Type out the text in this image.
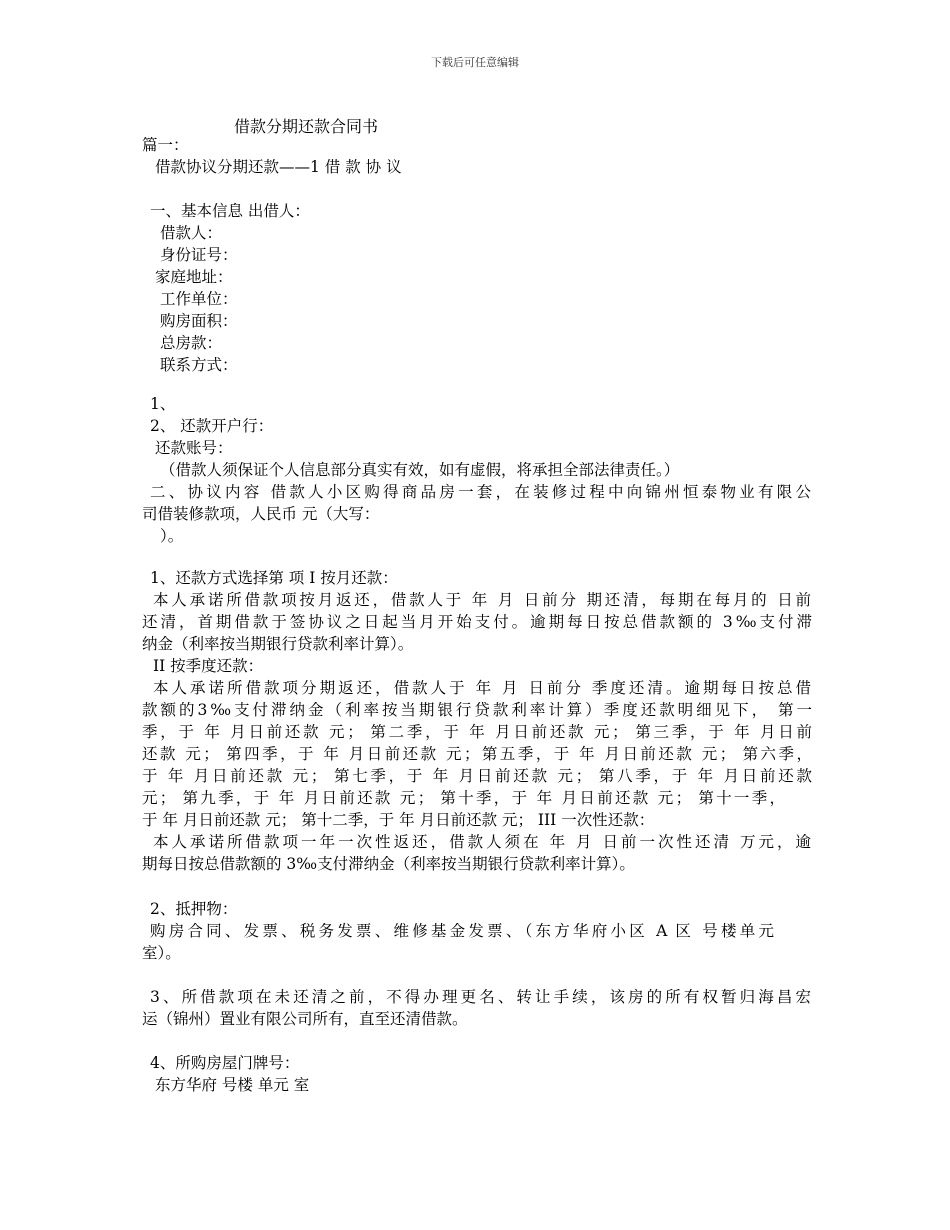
下载后可任意编辑
借款分期还款合同书
篇一：
借款协议分期还款——1 借 款 协 议
一、基本信息 出借人：
借款人：
身份证号：
家庭地址：
工作单位：
购房面积：
总房款：
联系方式：
1、
2、 还款开户行：
还款账号：
（借款人须保证个人信息部分真实有效，如有虚假，将承担全部法律责任。）
二、协议内容 借款人小区购得商品房一套，在装修过程中向锦州恒泰物业有限公
司借装修款项，人民币 元（大写：
）。
1、还款方式选择第 项 I 按月还款：
本人承诺所借款项按月返还，借款人于 年 月 日前分 期还清，每期在每月的 日前
还清，首期借款于签协议之日起当月开始支付。逾期每日按总借款额的 3‰支付滞
纳金（利率按当期银行贷款利率计算）。
II 按季度还款：
本人承诺所借款项分期返还，借款人于 年 月 日前分 季度还清。逾期每日按总借
款额的3‰支付滞纳金（利率按当期银行贷款利率计算）季度还款明细见下， 第一
季，于 年 月日前还款 元； 第二季，于 年 月日前还款 元； 第三季，于 年 月日前
还款 元； 第四季，于 年 月日前还款 元；第五季，于 年 月日前还款 元； 第六季，
于 年 月日前还款 元； 第七季，于 年 月日前还款 元； 第八季，于 年 月日前还款
元； 第九季，于 年 月日前还款 元； 第十季，于 年 月日前还款 元； 第十一季，
于 年 月日前还款 元； 第十二季，于 年 月日前还款 元； III 一次性还款：
本人承诺所借款项一年一次性返还，借款人须在 年 月 日前一次性还清 万元，逾
期每日按总借款额的 3‰支付滞纳金（利率按当期银行贷款利率计算）。
2、抵押物：
购房合同、发票、税务发票、维修基金发票、（东方华府小区 A 区 号楼单元
室）。
3、所借款项在未还清之前，不得办理更名、转让手续，该房的所有权暂归海昌宏
运（锦州）置业有限公司所有，直至还清借款。
4、所购房屋门牌号：
东方华府 号楼 单元 室
